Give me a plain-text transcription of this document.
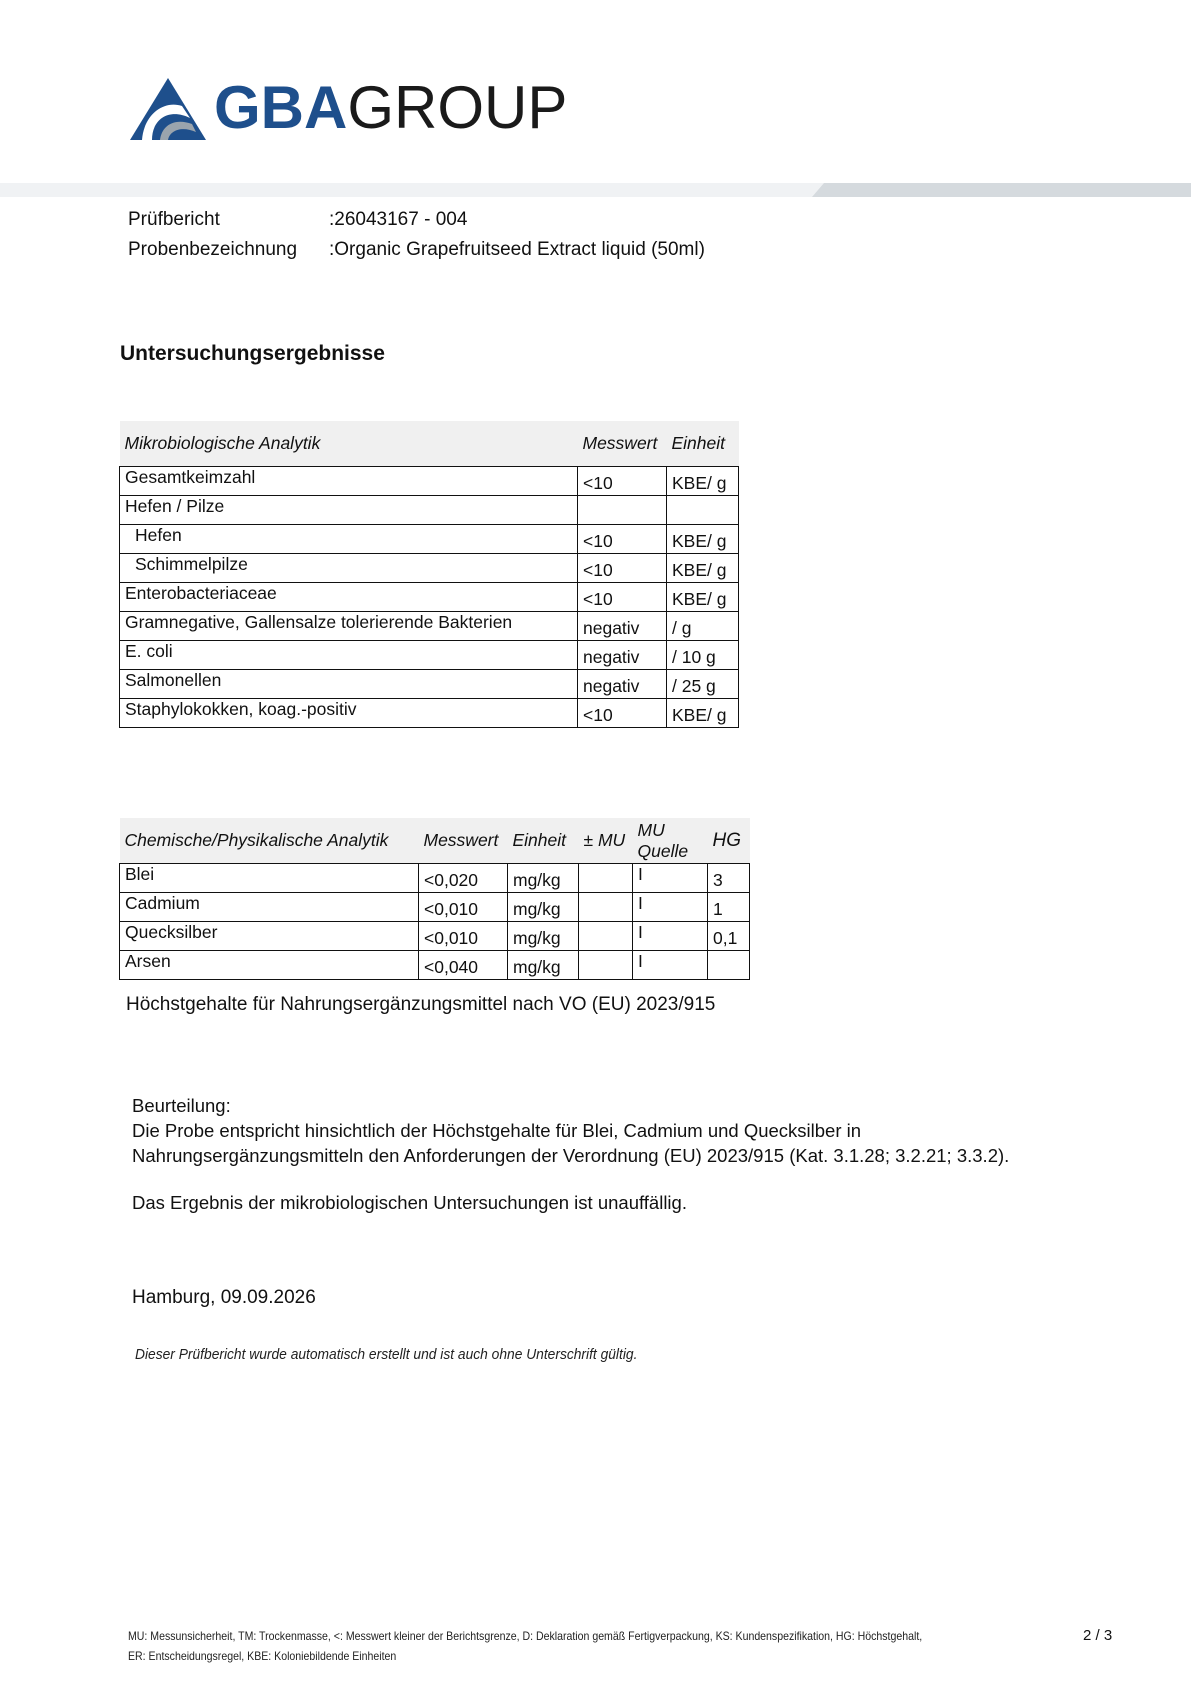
GBAGROUP
Prüfbericht	:26043167 - 004
Probenbezeichnung :Organic Grapefruitseed Extract liquid (50ml)
Untersuchungsergebnisse
Mikrobiologische Analytik	Messwert	Einheit
Gesamtkeimzahl	<10	KBE/ g
Hefen / Pilze		
Hefen	<10	KBE/ g
Schimmelpilze	<10	KBE/ g
Enterobacteriaceae	<10	KBE/ g
Gramnegative, Gallensalze tolerierende Bakterien	negativ	/ g
E. coli	negativ	/ 10 g
Salmonellen	negativ	/ 25 g
Staphylokokken, koag.-positiv	<10	KBE/ g
Chemische/Physikalische Analytik	Messwert	Einheit	± MU	MU Quelle	HG
Blei	<0,020	mg/kg		I	3
Cadmium	<0,010	mg/kg		I	1
Quecksilber	<0,010	mg/kg		I	0,1
Arsen	<0,040	mg/kg		I	
Höchstgehalte für Nahrungsergänzungsmittel nach VO (EU) 2023/915
Beurteilung:
Die Probe entspricht hinsichtlich der Höchstgehalte für Blei, Cadmium und Quecksilber in
Nahrungsergänzungsmitteln den Anforderungen der Verordnung (EU) 2023/915 (Kat. 3.1.28; 3.2.21; 3.3.2).
Das Ergebnis der mikrobiologischen Untersuchungen ist unauffällig.
Hamburg, 09.09.2026
Dieser Prüfbericht wurde automatisch erstellt und ist auch ohne Unterschrift gültig.
MU: Messunsicherheit, TM: Trockenmasse, <: Messwert kleiner der Berichtsgrenze, D: Deklaration gemäß Fertigverpackung, KS: Kundenspezifikation, HG: Höchstgehalt,
ER: Entscheidungsregel, KBE: Koloniebildende Einheiten
2 / 3
